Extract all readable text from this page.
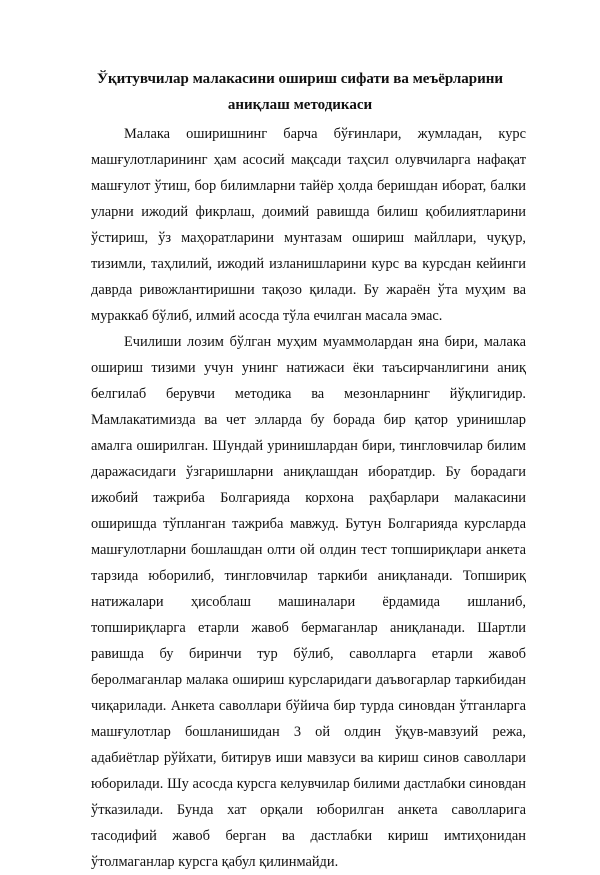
Ўқитувчилар малакасини ошириш сифати ва меъёрларини
аниқлаш методикаси

Малака оширишнинг барча бўғинлари, жумладан, курс машғулотларининг ҳам асосий мақсади таҳсил олувчиларга нафақат машғулот ўтиш, бор билимларни тайёр ҳолда беришдан иборат, балки уларни ижодий фикрлаш, доимий равишда билиш қобилиятларини ўстириш, ўз маҳоратларини мунтазам ошириш майллари, чуқур, тизимли, таҳлилий, ижодий изланишларини курс ва курсдан кейинги даврда ривожлантиришни тақозо қилади. Бу жараён ўта муҳим ва мураккаб бўлиб, илмий асосда тўла ечилган масала эмас.

Ечилиши лозим бўлган муҳим муаммолардан яна бири, малака ошириш тизими учун унинг натижаси ёки таъсирчанлигини аниқ белгилаб берувчи методика ва мезонларнинг йўқлигидир. Мамлакатимизда ва чет элларда бу борада бир қатор уринишлар амалга оширилган. Шундай уринишлардан бири, тингловчилар билим даражасидаги ўзгаришларни аниқлашдан иборатдир. Бу борадаги ижобий тажриба Болгарияда корхона раҳбарлари малакасини оширишда тўпланган тажриба мавжуд. Бутун Болгарияда курсларда машғулотларни бошлашдан олти ой олдин тест топшириқлари анкета тарзида юборилиб, тингловчилар таркиби аниқланади. Топшириқ натижалари ҳисоблаш машиналари ёрдамида ишланиб, топшириқларга етарли жавоб бермаганлар аниқланади. Шартли равишда бу биринчи тур бўлиб, саволларга етарли жавоб беролмаганлар малака ошириш курсларидаги даъвогарлар таркибидан чиқарилади. Анкета саволлари бўйича бир турда синовдан ўтганларга машғулотлар бошланишидан 3 ой олдин ўқув-мавзуий режа, адабиётлар рўйхати, битирув иши мавзуси ва кириш синов саволлари юборилади. Шу асосда курсга келувчилар билими дастлабки синовдан ўтказилади. Бунда хат орқали юборилган анкета саволларига тасодифий жавоб берган ва дастлабки кириш имтиҳонидан ўтолмаганлар курсга қабул қилинмайди.
